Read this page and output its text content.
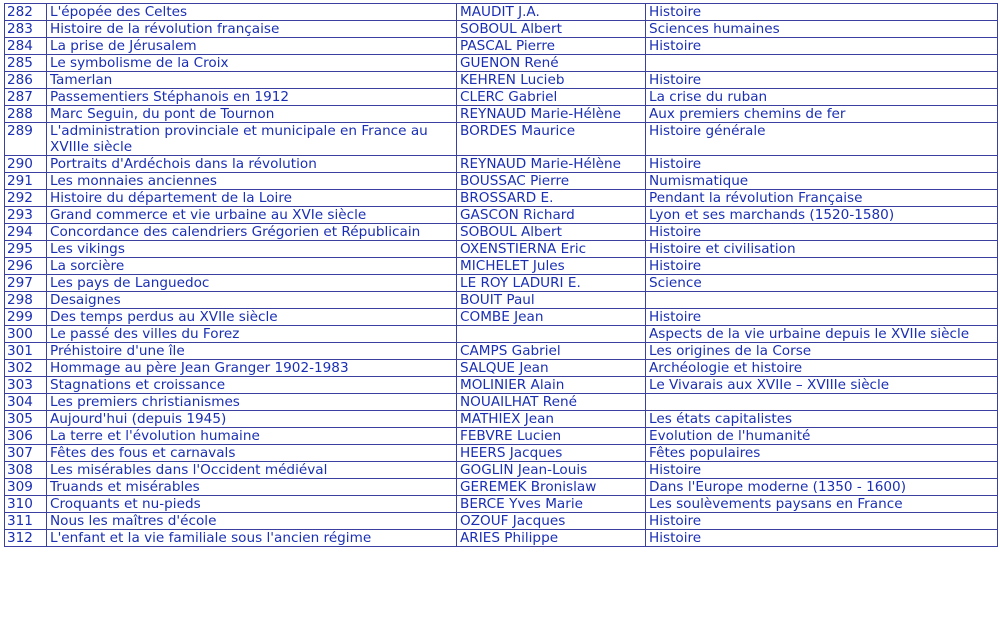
282	L'épopée des Celtes	MAUDIT J.A.	Histoire
283	Histoire de la révolution française	SOBOUL Albert	Sciences humaines
284	La prise de Jérusalem	PASCAL Pierre	Histoire
285	Le symbolisme de la Croix	GUENON René	
286	Tamerlan	KEHREN Lucieb	Histoire
287	Passementiers Stéphanois en 1912	CLERC Gabriel	La crise du ruban
288	Marc Seguin, du pont de Tournon	REYNAUD Marie-Hélène	Aux premiers chemins de fer
289	L'administration provinciale et municipale en France au XVIIIe siècle	BORDES Maurice	Histoire générale
290	Portraits d'Ardéchois dans la révolution	REYNAUD Marie-Hélène	Histoire
291	Les monnaies anciennes	BOUSSAC Pierre	Numismatique
292	Histoire du département de la Loire	BROSSARD E.	Pendant la révolution Française
293	Grand commerce et vie urbaine au XVIe siècle	GASCON Richard	Lyon et ses marchands (1520-1580)
294	Concordance des calendriers Grégorien et Républicain	SOBOUL Albert	Histoire
295	Les vikings	OXENSTIERNA Eric	Histoire et civilisation
296	La sorcière	MICHELET Jules	Histoire
297	Les pays de Languedoc	LE ROY LADURI E.	Science
298	Desaignes	BOUIT Paul	
299	Des temps perdus au XVIIe siècle	COMBE Jean	Histoire
300	Le passé des villes du Forez		Aspects de la vie urbaine depuis le XVIIe siècle
301	Préhistoire d'une île	CAMPS Gabriel	Les origines de la Corse
302	Hommage au père Jean Granger 1902-1983	SALQUE Jean	Archéologie et histoire
303	Stagnations et croissance	MOLINIER Alain	Le Vivarais aux XVIIe – XVIIIe siècle
304	Les premiers christianismes	NOUAILHAT René	
305	Aujourd'hui (depuis 1945)	MATHIEX Jean	Les états capitalistes
306	La terre et l'évolution humaine	FEBVRE Lucien	Evolution de l'humanité
307	Fêtes des fous et carnavals	HEERS Jacques	Fêtes populaires
308	Les misérables dans l'Occident médiéval	GOGLIN Jean-Louis	Histoire
309	Truands et misérables	GEREMEK Bronislaw	Dans l'Europe moderne (1350 - 1600)
310	Croquants et nu-pieds	BERCE Yves Marie	Les soulèvements paysans en France
311	Nous les maîtres d'école	OZOUF Jacques	Histoire
312	L'enfant et la vie familiale sous l'ancien régime	ARIES Philippe	Histoire
